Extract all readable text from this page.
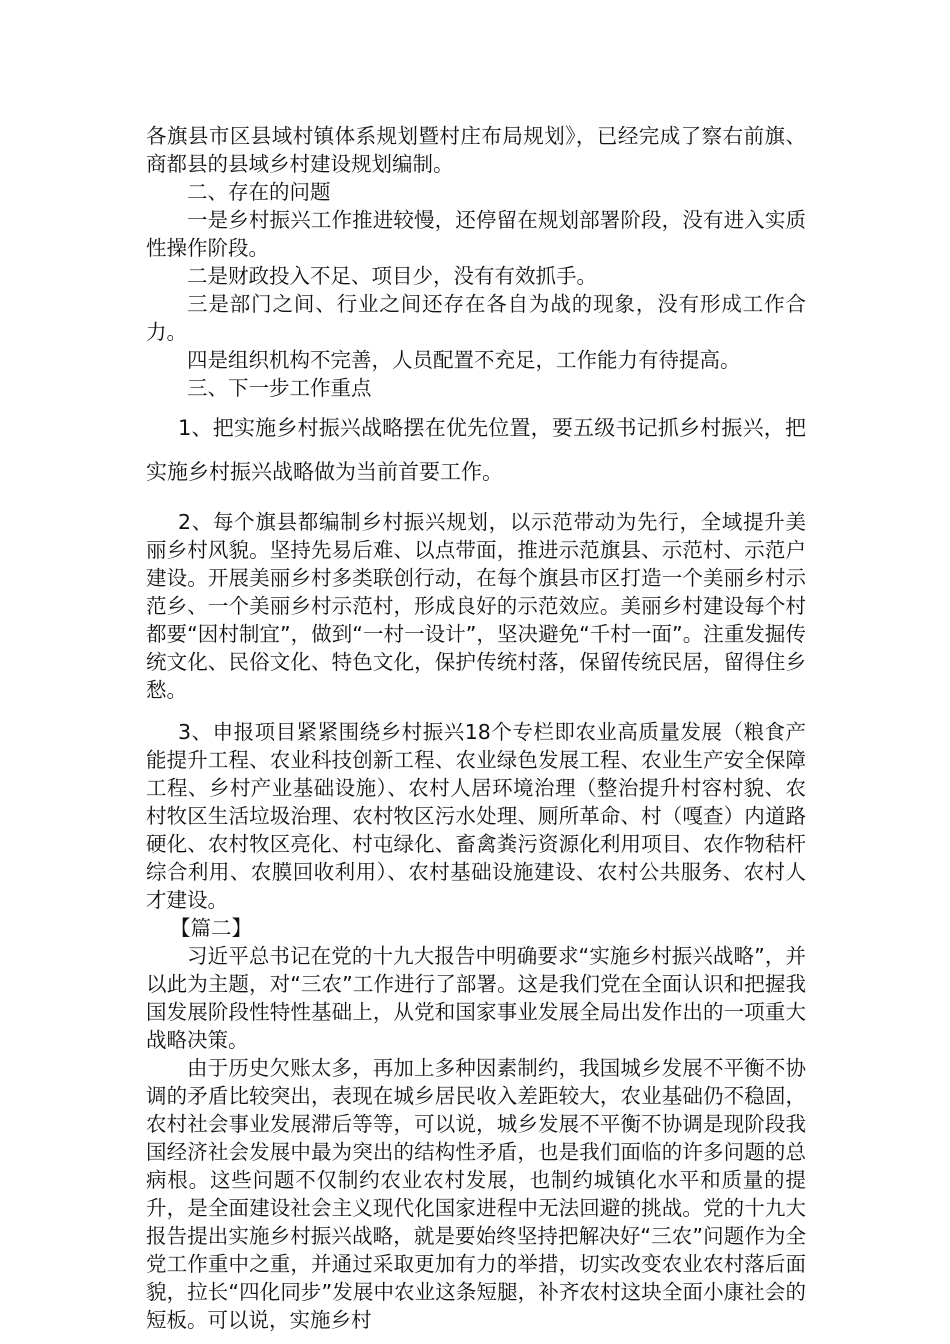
各旗县市区县域村镇体系规划暨村庄布局规划》，已经完成了察右前旗、商都县的县域乡村建设规划编制。

二、存在的问题

一是乡村振兴工作推进较慢，还停留在规划部署阶段，没有进入实质性操作阶段。

二是财政投入不足、项目少，没有有效抓手。

三是部门之间、行业之间还存在各自为战的现象，没有形成工作合力。

四是组织机构不完善，人员配置不充足，工作能力有待提高。

三、下一步工作重点

1、把实施乡村振兴战略摆在优先位置，要五级书记抓乡村振兴，把实施乡村振兴战略做为当前首要工作。

2、每个旗县都编制乡村振兴规划，以示范带动为先行，全域提升美丽乡村风貌。坚持先易后难、以点带面，推进示范旗县、示范村、示范户建设。开展美丽乡村多类联创行动，在每个旗县市区打造一个美丽乡村示范乡、一个美丽乡村示范村，形成良好的示范效应。美丽乡村建设每个村都要“因村制宜”，做到“一村一设计”，坚决避免“千村一面”。注重发掘传统文化、民俗文化、特色文化，保护传统村落，保留传统民居，留得住乡愁。

3、申报项目紧紧围绕乡村振兴18个专栏即农业高质量发展（粮食产能提升工程、农业科技创新工程、农业绿色发展工程、农业生产安全保障工程、乡村产业基础设施）、农村人居环境治理（整治提升村容村貌、农村牧区生活垃圾治理、农村牧区污水处理、厕所革命、村（嘎查）内道路硬化、农村牧区亮化、村屯绿化、畜禽粪污资源化利用项目、农作物秸杆综合利用、农膜回收利用）、农村基础设施建设、农村公共服务、农村人才建设。

【篇二】

习近平总书记在党的十九大报告中明确要求“实施乡村振兴战略”，并以此为主题，对“三农”工作进行了部署。这是我们党在全面认识和把握我国发展阶段性特性基础上，从党和国家事业发展全局出发作出的一项重大战略决策。

由于历史欠账太多，再加上多种因素制约，我国城乡发展不平衡不协调的矛盾比较突出，表现在城乡居民收入差距较大，农业基础仍不稳固，农村社会事业发展滞后等等，可以说，城乡发展不平衡不协调是现阶段我国经济社会发展中最为突出的结构性矛盾，也是我们面临的许多问题的总病根。这些问题不仅制约农业农村发展，也制约城镇化水平和质量的提升，是全面建设社会主义现代化国家进程中无法回避的挑战。党的十九大报告提出实施乡村振兴战略，就是要始终坚持把解决好“三农”问题作为全党工作重中之重，并通过采取更加有力的举措，切实改变农业农村落后面貌，拉长“四化同步”发展中农业这条短腿，补齐农村这块全面小康社会的短板。可以说，实施乡村
